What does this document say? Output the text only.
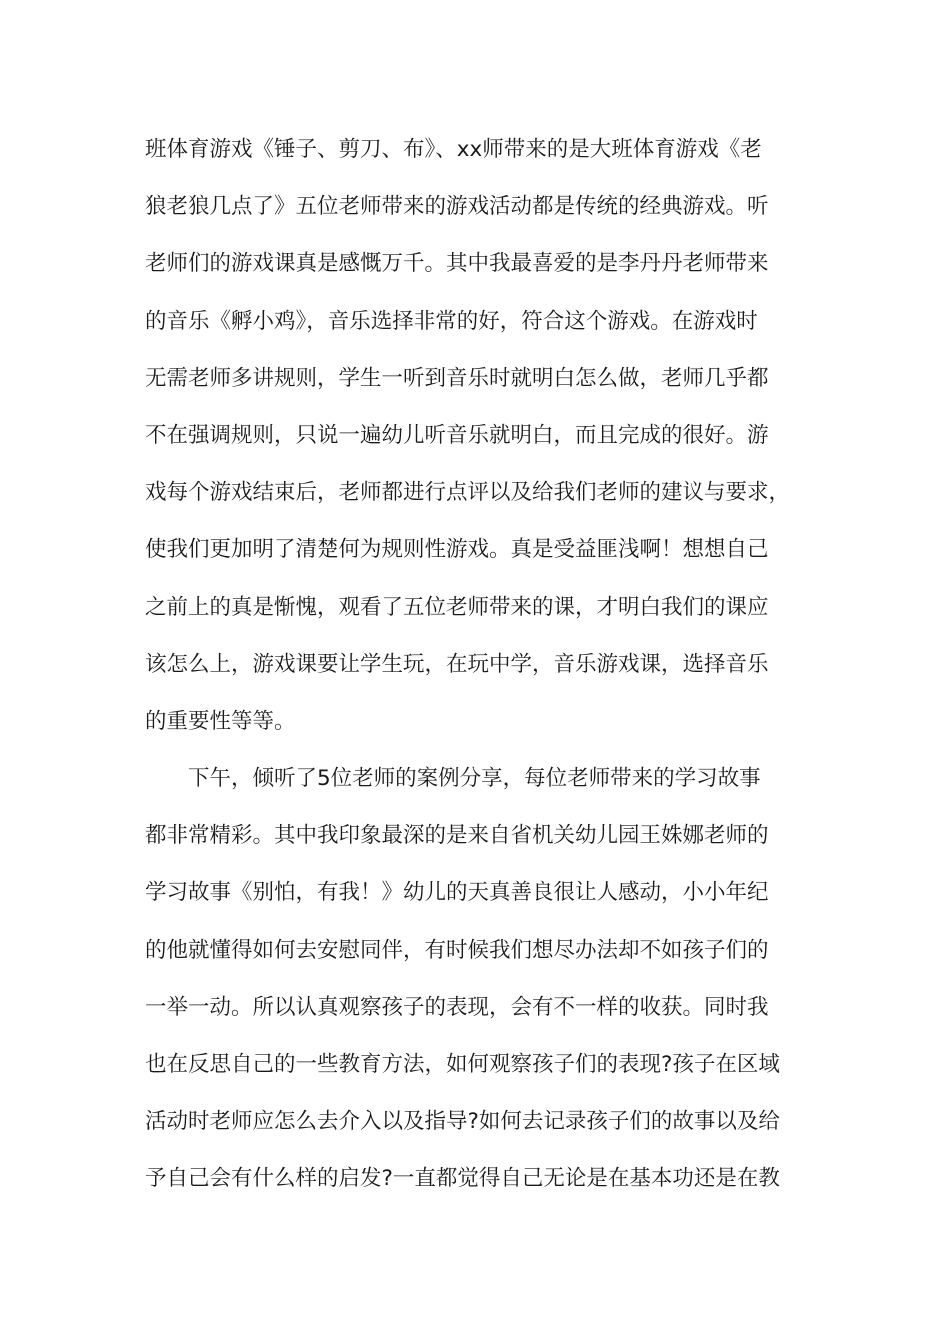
班体育游戏《锤子、剪刀、布》、xx师带来的是大班体育游戏《老
狼老狼几点了》五位老师带来的游戏活动都是传统的经典游戏。听
老师们的游戏课真是感慨万千。其中我最喜爱的是李丹丹老师带来
的音乐《孵小鸡》，音乐选择非常的好，符合这个游戏。在游戏时
无需老师多讲规则，学生一听到音乐时就明白怎么做，老师几乎都
不在强调规则，只说一遍幼儿听音乐就明白，而且完成的很好。游
戏每个游戏结束后，老师都进行点评以及给我们老师的建议与要求，
使我们更加明了清楚何为规则性游戏。真是受益匪浅啊！想想自己
之前上的真是惭愧，观看了五位老师带来的课，才明白我们的课应
该怎么上，游戏课要让学生玩，在玩中学，音乐游戏课，选择音乐
的重要性等等。
　　下午，倾听了5位老师的案例分享，每位老师带来的学习故事
都非常精彩。其中我印象最深的是来自省机关幼儿园王姝娜老师的
学习故事《别怕，有我！》幼儿的天真善良很让人感动，小小年纪
的他就懂得如何去安慰同伴，有时候我们想尽办法却不如孩子们的
一举一动。所以认真观察孩子的表现，会有不一样的收获。同时我
也在反思自己的一些教育方法，如何观察孩子们的表现?孩子在区域
活动时老师应怎么去介入以及指导?如何去记录孩子们的故事以及给
予自己会有什么样的启发?一直都觉得自己无论是在基本功还是在教
